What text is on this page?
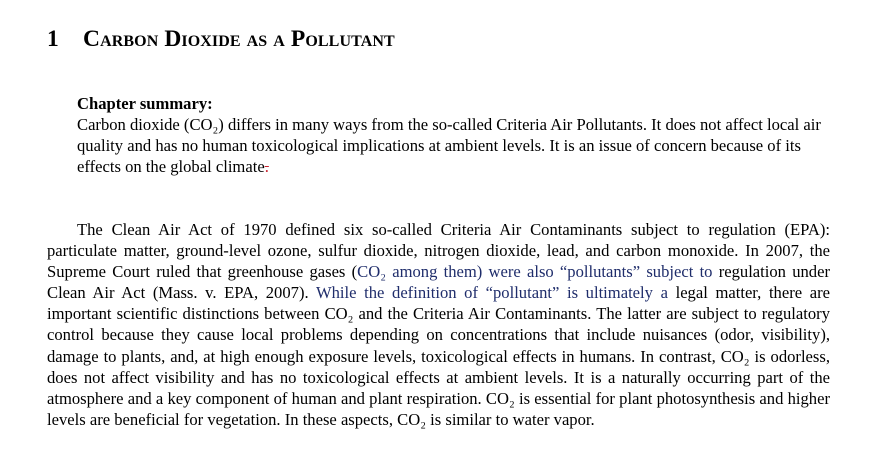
1 Carbon Dioxide as a Pollutant
Chapter summary:
Carbon dioxide (CO₂) differs in many ways from the so-called Criteria Air Pollutants. It does not affect local air quality and has no human toxicological implications at ambient levels. It is an issue of concern because of its effects on the global climate.

The Clean Air Act of 1970 defined six so-called Criteria Air Contaminants subject to regulation (EPA): particulate matter, ground-level ozone, sulfur dioxide, nitrogen dioxide, lead, and carbon monoxide. In 2007, the Supreme Court ruled that greenhouse gases (CO₂ among them) were also “pollutants” subject to regulation under Clean Air Act (Mass. v. EPA, 2007). While the definition of “pollutant” is ultimately a legal matter, there are important scientific distinctions between CO₂ and the Criteria Air Contaminants. The latter are subject to regulatory control because they cause local problems depending on concentrations that include nuisances (odor, visibility), damage to plants, and, at high enough exposure levels, toxicological effects in humans. In contrast, CO₂ is odorless, does not affect visibility and has no toxicological effects at ambient levels. It is a naturally occurring part of the atmosphere and a key component of human and plant respiration. CO₂ is essential for plant photosynthesis and higher levels are beneficial for vegetation. In these aspects, CO₂ is similar to water vapor.
